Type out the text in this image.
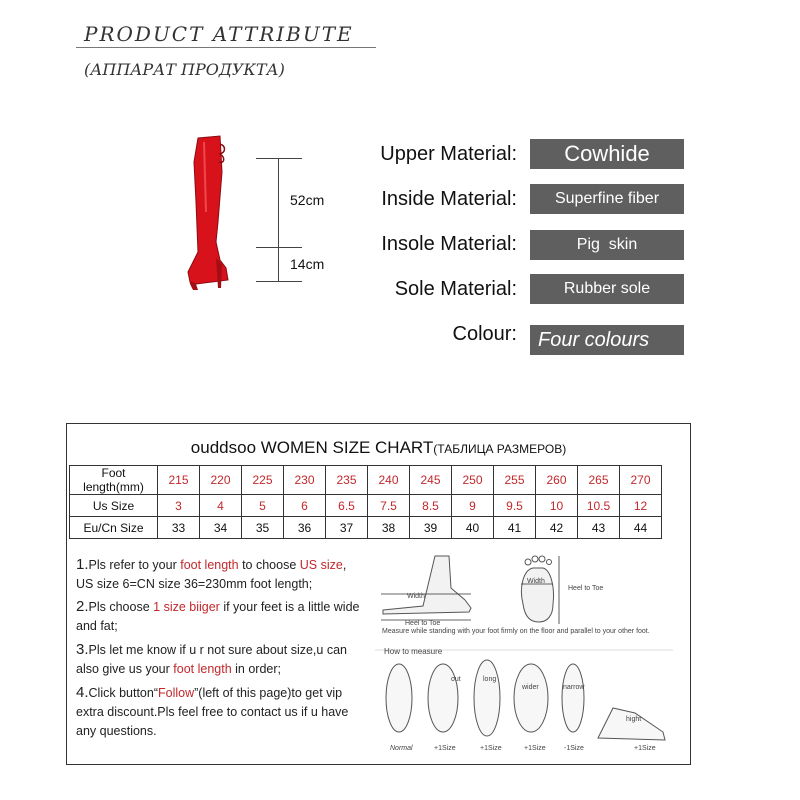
PRODUCT ATTRIBUTE
(АППАРАТ ПРОДУКТА)
52cm
14cm
Upper Material:	Cowhide
Inside Material:	Superfine fiber
Insole Material:	Pig  skin
Sole Material:	Rubber sole
Colour:	Four colours
ouddsoo WOMEN SIZE CHART(ТАБЛИЦА РАЗМЕРОВ)
Foot length(mm)	215	220	225	230	235	240	245	250	255	260	265	270
Us Size	3	4	5	6	6.5	7.5	8.5	9	9.5	10	10.5	12
Eu/Cn Size	33	34	35	36	37	38	39	40	41	42	43	44
1.Pls refer to your foot length to choose US size, US size 6=CN size 36=230mm foot length;
2.Pls choose 1 size biiger if your feet is a little wide and fat;
3.Pls let me know if u r not sure about size,u can also give us your foot length in order;
4.Click button“Follow”(left of this page)to get vip extra discount.Pls feel free to contact us if u have any questions.
Width
Heel to Toe
Width
Heel to Toe
Measure while standing with your foot firmly on the floor and parallel to your other foot.
How to measure
out	long
wider	narrow
hight
Normal	+1Size	+1Size	+1Size	-1Size	+1Size
